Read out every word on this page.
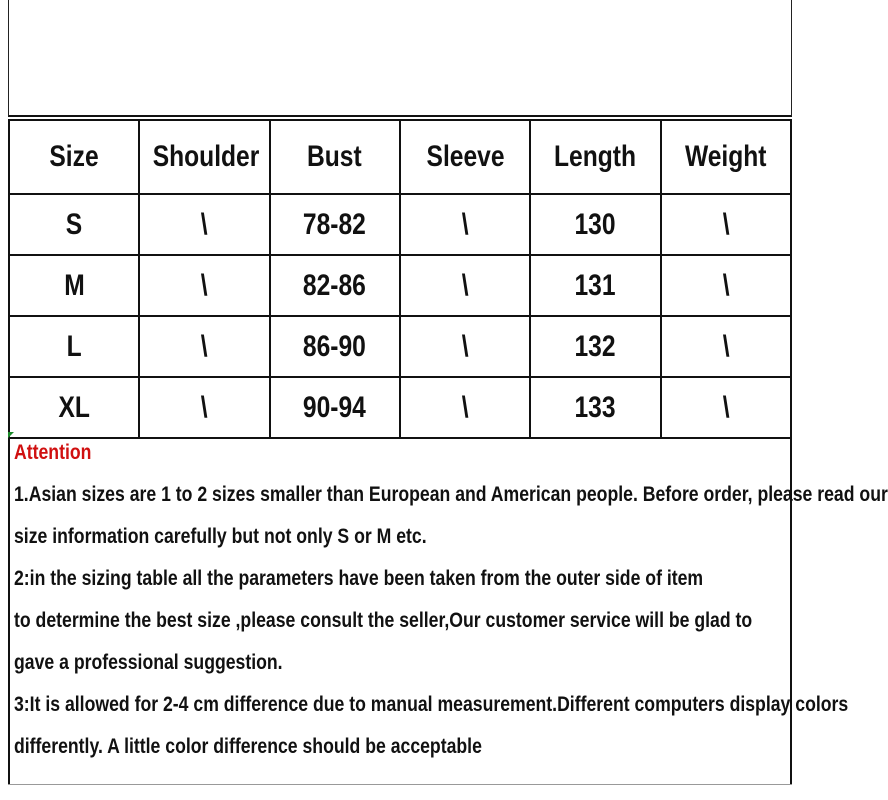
Size	Shoulder	Bust	Sleeve	Length	Weight
S	\	78-82	\	130	\
M	\	82-86	\	131	\
L	\	86-90	\	132	\
XL	\	90-94	\	133	\
Attention
1.Asian sizes are 1 to 2 sizes smaller than European and American people. Before order, please read our
size information carefully but not only S or M etc.
2:in the sizing table all the parameters have been taken from the outer side of item
to determine the best size ,please consult the seller,Our customer service will be glad to
gave a professional suggestion.
3:It is allowed for 2-4 cm difference due to manual measurement.Different computers display colors
differently. A little color difference should be acceptable
